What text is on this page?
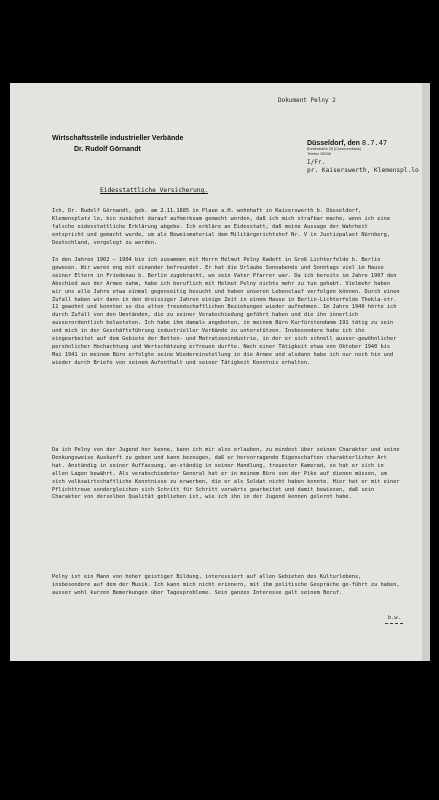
Dokument Pelny 2
Wirtschaftsstelle industrieller Verbände
Dr. Rudolf Görnandt
Düsseldorf, den 8.7.47
Breitestraße 25 (Commerzbank)
Telefon 28936
I/Fr.
pr. Kaiserswerth, Klemenspl.lo
Eidesstattliche Versicherung.

Ich, Dr. Rudolf Görnandt, geb. am 2.11.1885 in Plaue a.H. wohnhaft in Kaiserswerth b. Düsseldorf, Klemensplatz lo, bin zunächst darauf aufmerksam gemacht worden, daß ich mich strafbar mache, wenn ich eine falsche eidesstattliche Erklärung abgebe. Ich erkläre an Eidesstatt, daß meine Aussage der Wahrheit entspricht und gemacht wurde, um als Beweismaterial dem Militärgerichtshof Nr. V in Justizpalast Nürnberg, Deutschland, vorgelegt zu werden.

In den Jahren 1902 – 1904 bin ich zusammen mit Herrn Helmut Pelny Kadett in Groß Lichterfelde b. Berlin gewesen. Wir waren eng mit einander befreundet. Er hat die Urlaube Sonnabends und Sonntags viel im Hause seiner Eltern in Friedenau b. Berlin zugebracht, wo sein Vater Pfarrer war. Da ich bereits im Jahre 1907 den Abschied aus der Armee nahm, habe ich beruflich mit Helmut Pelny nichts mehr zu tun gehabt. Vielmehr haben wir uns alle Jahre etwa einmal gegenseitig besucht und haben unseren Lebenslauf verfolgen können. Durch einen Zufall haben wir dann in den dreissiger Jahren einige Zeit in einem Hause in Berlin-Lichterfelde Thekla-str. 11 gewohnt und konnten so die alten freundschaftlichen Beziehungen wieder aufnehmen. Im Jahre 1940 hörte ich durch Zufall von den Umständen, die zu seiner Verabschiedung geführt haben und die ihn innerlich ausserordentlich belasteten. Ich habe ihm damals angeboten, in meinem Büro Kurfürstendamm 191 tätig zu sein und mich in der Geschäftsführung industrieller Verbände zu unterstützen. Insbesondere habe ich ihn eingearbeitet auf dem Gebiete der Betten- und Matratzenindustrie, in der er sich schnell ausser-gewöhnlicher persönlicher Hochachtung und Wertschätzung erfreuen durfte. Nach einer Tätigkeit etwa von Oktober 1940 bis Mai 1941 in meinem Büro erfolgte seine Wiedereinstellung in die Armee und alsdann habe ich nur noch hin und wieder durch Briefe von seinem Aufenthalt und seiner Tätigkeit Kenntnis erhalten.

Da ich Pelny von der Jugend her kenne, kann ich mir also erlauben, zu mindest über seinen Charakter und seine Denkungsweise Auskunft zu geben und kann bezeugen, daß er hervorragende Eigenschaften charakterlicher Art hat. Anständig in seiner Auffassung, an-ständig in seiner Handlung, treuester Kamerad, so hat er sich in allen Lagen bewährt. Als verabschiedeter General hat er in meinem Büro von der Pike auf dienen müssen, um sich volkswirtschaftliche Kenntnisse zu erwerben, die er als Soldat nicht haben konnte. Hier hat er mit einer Pflichttreue sondergleichen sich Schritt für Schritt vorwärts gearbeitet und damit bewiesen, daß sein Charakter von derselben Qualität geblieben ist, wie ich ihn in der Jugend kennen gelernt habe.

Pelny ist ein Mann von hoher geistiger Bildung, interessiert auf allen Gebieten des Kulturlebens, insbesondere auf dem der Musik. Ich kann mich nicht erinnern, mit ihm politische Gespräche ge-führt zu haben, ausser wohl kurzen Bemerkungen über Tagesprobleme. Sein ganzes Interesse galt seinem Beruf.

b.w.
